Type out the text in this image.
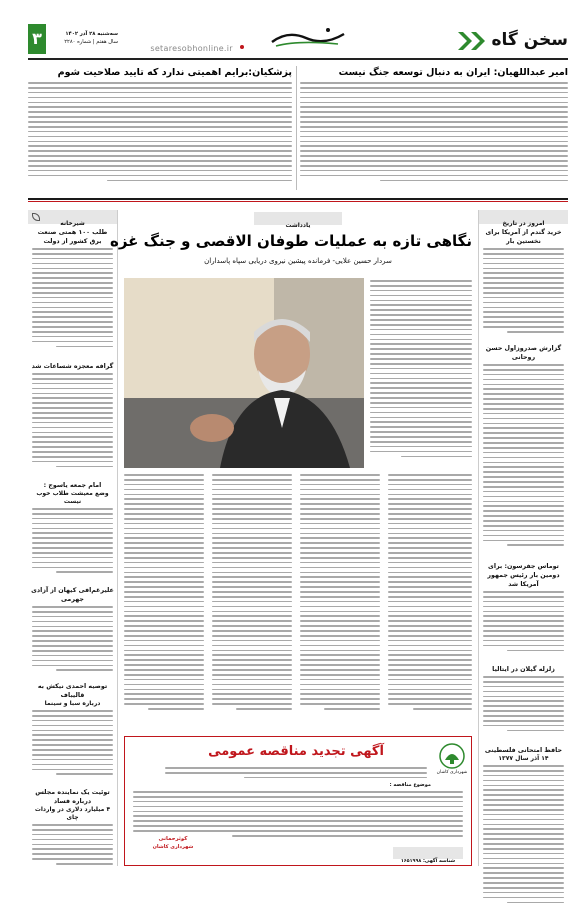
سخن گاه
setaresobhonline.ir
سه‌شنبه ۲۸ آذر ۱۴۰۲
سال هفتم | شماره ۲۲۸۰
۳
امیر عبداللهیان: ایران به دنبال توسعه جنگ نیست
پزشکیان:برایم اهمیتی ندارد که تایید صلاحیت شوم
امروز در تاریخ
خرید گندم از آمریکا برای نخستین بار
گزارش صدروزاول حسن روحانی
توماس جفرسون: برای دومین بار رئیس جمهور آمریکا شد
زلزله گیلان در ایتالیا
حافظ امتحانی فلسطینی
۱۴ آذر سال ۱۳۷۷
شیرخانه
طلب ۱۰۰ همتی صنعت برق کشور از دولت
گرافه معجزه شساعات شد
امام جمعه یاسوج :
وضع معیشت طلاب خوب نیست
علیرغم‌افی کیهان از آزادی جهرمی
توصیه احمدی نیکش به قالیباف
درباره سبا و سینما
توئیت یک نماینده مجلس درباره فساد
۴ میلیارد دلاری در واردات چای
یادداشت
نگاهی تازه به عملیات طوفان الاقصی و جنگ غزه
سردار حسین علایی- فرمانده پیشین نیروی دریایی سپاه پاسداران
شهرداری کاشان
آگهی تجدید مناقصه عمومی
موضوع مناقصه :
شناسه آگهی: ۱۶۵۱۹۹۸
کوثرحمانی
شهرداری کاشان
